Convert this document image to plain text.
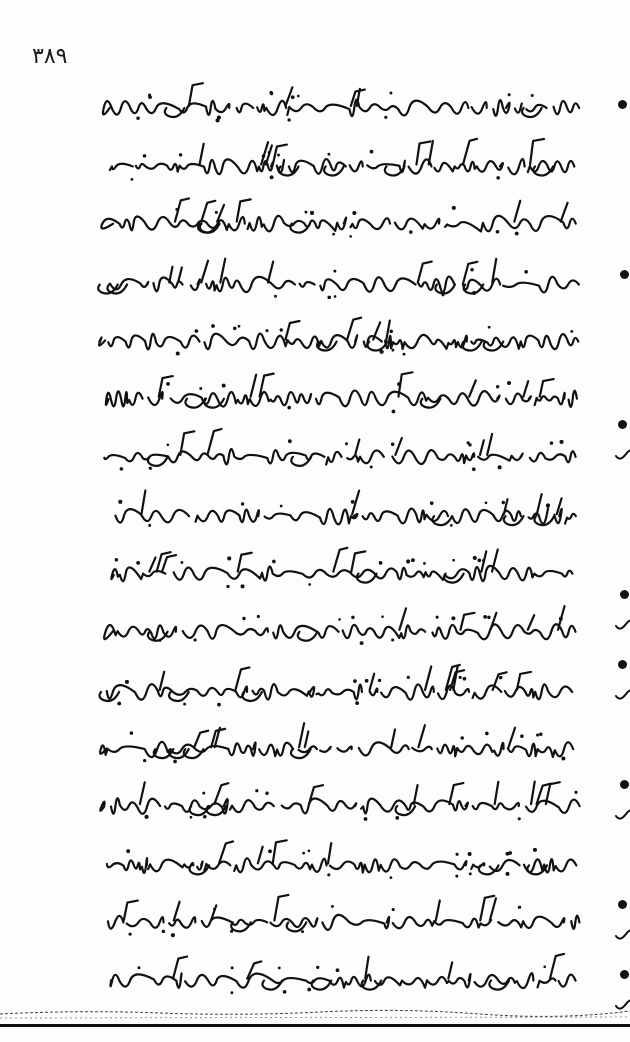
۳۸۹
